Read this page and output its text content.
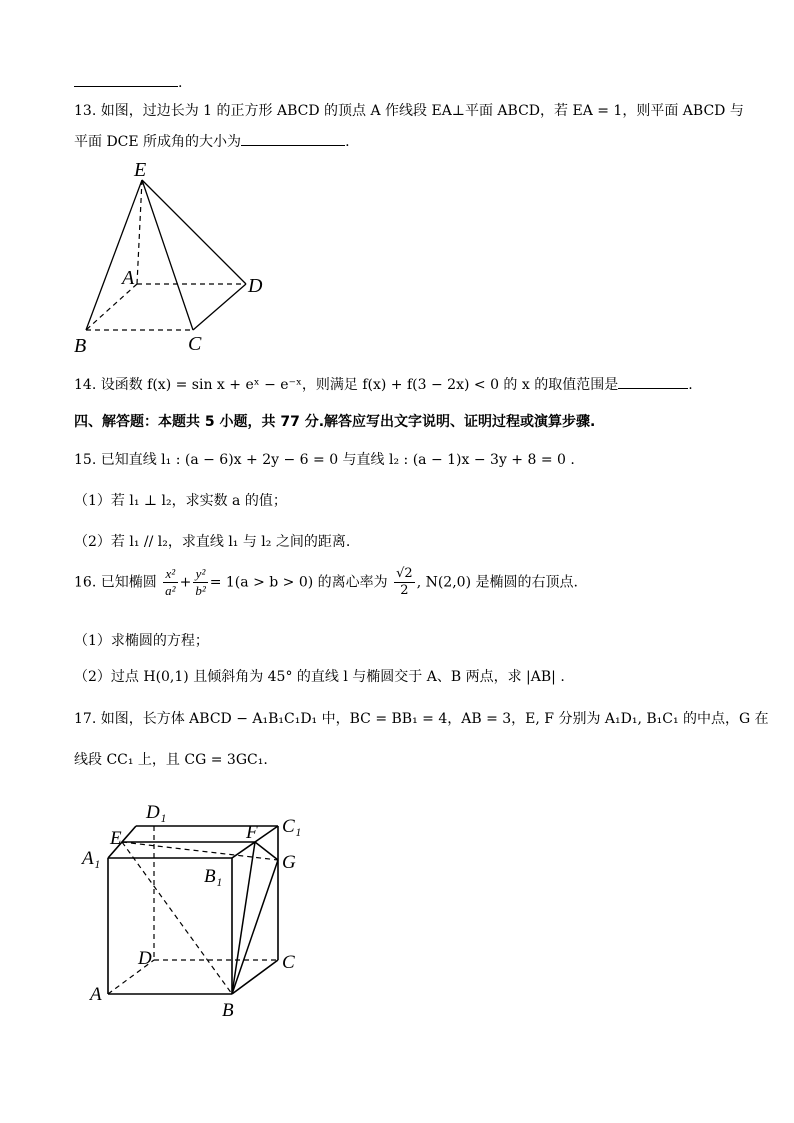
.
13. 如图，过边长为 1 的正方形 ABCD 的顶点 A 作线段 EA⊥平面 ABCD，若 EA = 1，则平面 ABCD 与
平面 DCE 所成角的大小为	.
E
A	D
B	C
14. 设函数 f(x) = sin x + eˣ − e⁻ˣ，则满足 f(x) + f(3 − 2x) < 0 的 x 的取值范围是	.
四、解答题：本题共 5 小题，共 77 分.解答应写出文字说明、证明过程或演算步骤.
15. 已知直线 l₁ : (a − 6)x + 2y − 6 = 0 与直线 l₂ : (a − 1)x − 3y + 8 = 0 .
（1）若 l₁ ⊥ l₂，求实数 a 的值；
（2）若 l₁ // l₂，求直线 l₁ 与 l₂ 之间的距离.
16. 已知椭圆 $\frac{\text{x²}}{\text{a²}} + \frac{\text{y²}}{\text{b²}} = 1(a > b > 0)$ 的离心率为 $\frac{√2}{2}$ , N(2,0) 是椭圆的右顶点.
（1）求椭圆的方程；
（2）过点 H(0,1) 且倾斜角为 45° 的直线 l 与椭圆交于 A、B 两点，求 |AB| .
17. 如图，长方体 ABCD − A₁B₁C₁D₁ 中，BC = BB₁ = 4，AB = 3，E, F 分别为 A₁D₁, B₁C₁ 的中点，G 在
线段 CC₁ 上，且 CG = 3GC₁.
D₁
C₁
E	F
A₁	G
B₁
D	C
A
B
